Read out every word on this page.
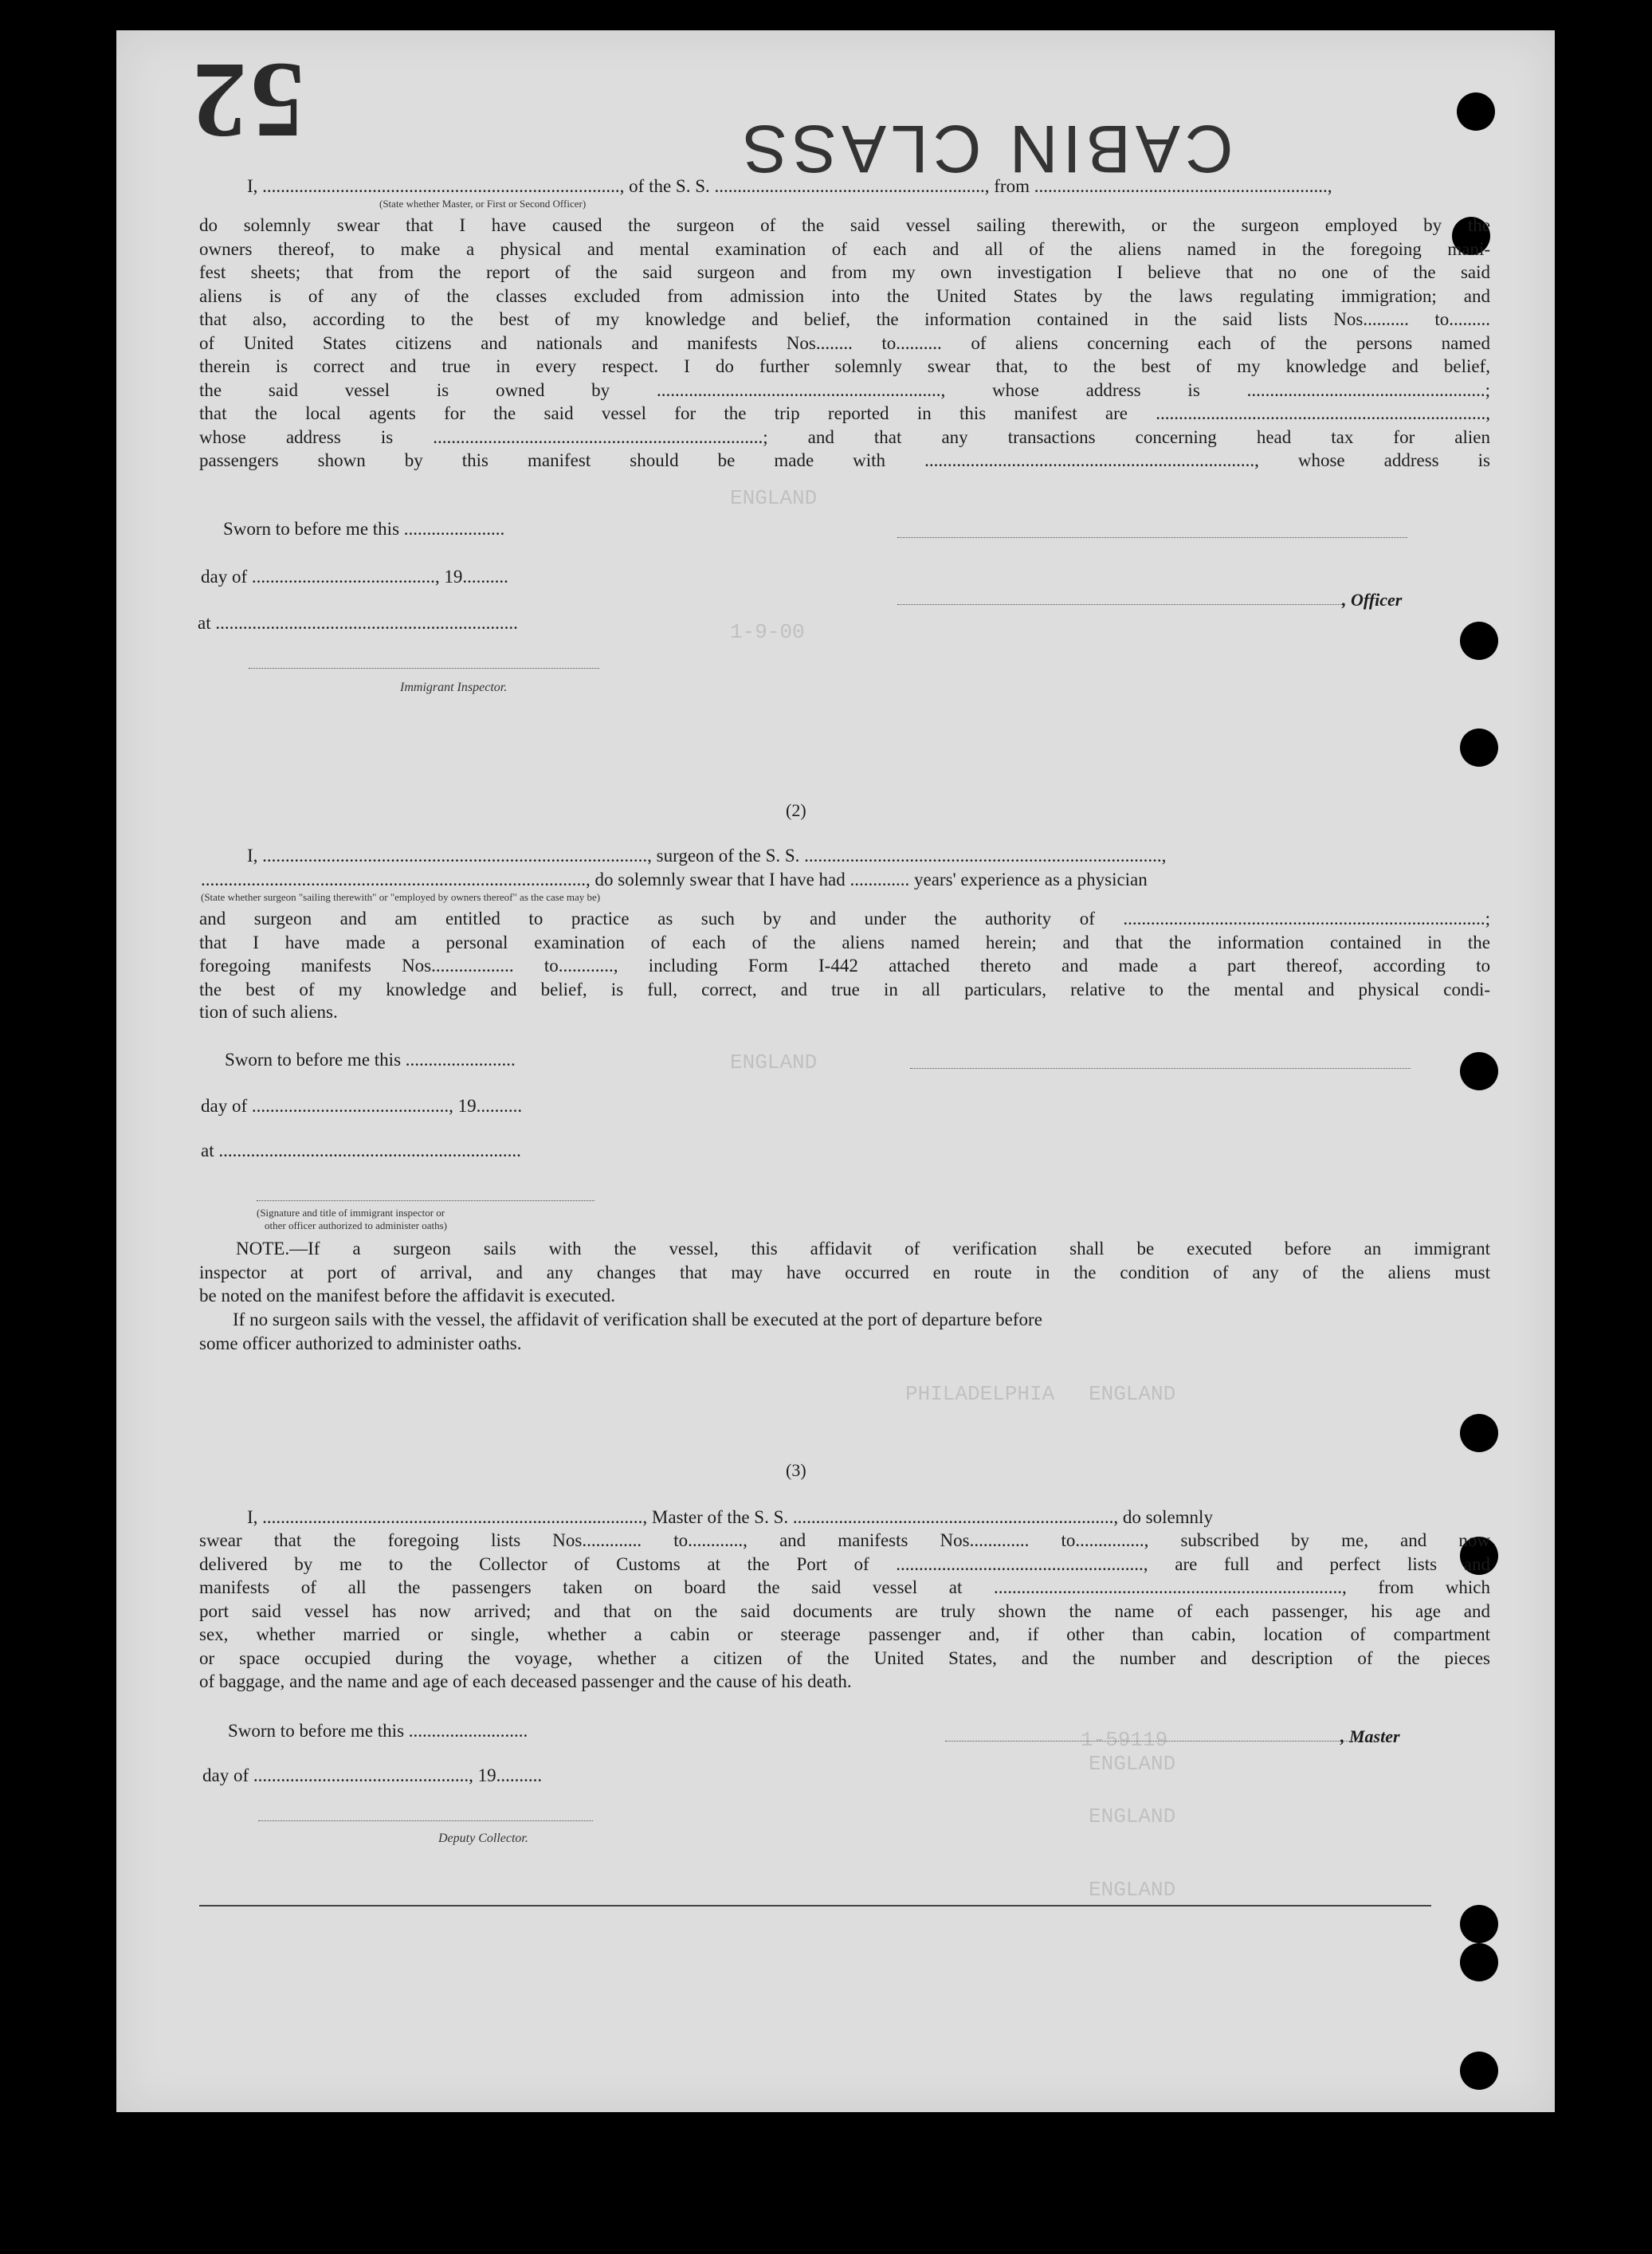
52	CABIN CLASS
ENGLAND
1-9-00
ENGLAND
PHILADELPHIA ENGLAND
1-59119
ENGLAND
ENGLAND
ENGLAND
I, .............................................................................., of the S. S. ..........................................................., from ................................................................,
(State whether Master, or First or Second Officer)
do solemnly swear that I have caused the surgeon of the said vessel sailing therewith, or the surgeon employed by the
owners thereof, to make a physical and mental examination of each and all of the aliens named in the foregoing mani-
fest sheets; that from the report of the said surgeon and from my own investigation I believe that no one of the said
aliens is of any of the classes excluded from admission into the United States by the laws regulating immigration; and
that also, according to the best of my knowledge and belief, the information contained in the said lists Nos.......... to.........
of United States citizens and nationals and manifests Nos........ to.......... of aliens concerning each of the persons named
therein is correct and true in every respect. I do further solemnly swear that, to the best of my knowledge and belief,
the said vessel is owned by .............................................................., whose address is ....................................................;
that the local agents for the said vessel for the trip reported in this manifest are ........................................................................,
whose address is ........................................................................; and that any transactions concerning head tax for alien
passengers shown by this manifest should be made with ........................................................................, whose address is
Sworn to before me this ......................
day of ........................................, 19..........
at ..................................................................
Immigrant Inspector.
, Officer
(2)
I, ...................................................................................., surgeon of the S. S. ..............................................................................,
...................................................................................., do solemnly swear that I have had ............. years' experience as a physician
(State whether surgeon "sailing therewith" or "employed by owners thereof" as the case may be)
and surgeon and am entitled to practice as such by and under the authority of ...............................................................................;
that I have made a personal examination of each of the aliens named herein; and that the information contained in the
foregoing manifests Nos.................. to............, including Form I-442 attached thereto and made a part thereof, according to
the best of my knowledge and belief, is full, correct, and true in all particulars, relative to the mental and physical condi-
tion of such aliens.
Sworn to before me this ........................
day of ..........................................., 19..........
at ..................................................................
(Signature and title of immigrant inspector or
other officer authorized to administer oaths)
NOTE.—If a surgeon sails with the vessel, this affidavit of verification shall be executed before an immigrant
inspector at port of arrival, and any changes that may have occurred en route in the condition of any of the aliens must
be noted on the manifest before the affidavit is executed.
If no surgeon sails with the vessel, the affidavit of verification shall be executed at the port of departure before
some officer authorized to administer oaths.
(3)
I, ..................................................................................., Master of the S. S. ......................................................................, do solemnly
swear that the foregoing lists Nos............. to............, and manifests Nos............. to..............., subscribed by me, and now
delivered by me to the Collector of Customs at the Port of ......................................................, are full and perfect lists and
manifests of all the passengers taken on board the said vessel at ............................................................................, from which
port said vessel has now arrived; and that on the said documents are truly shown the name of each passenger, his age and
sex, whether married or single, whether a cabin or steerage passenger and, if other than cabin, location of compartment
or space occupied during the voyage, whether a citizen of the United States, and the number and description of the pieces
of baggage, and the name and age of each deceased passenger and the cause of his death.
Sworn to before me this ..........................	, Master
day of ..............................................., 19..........
Deputy Collector.
